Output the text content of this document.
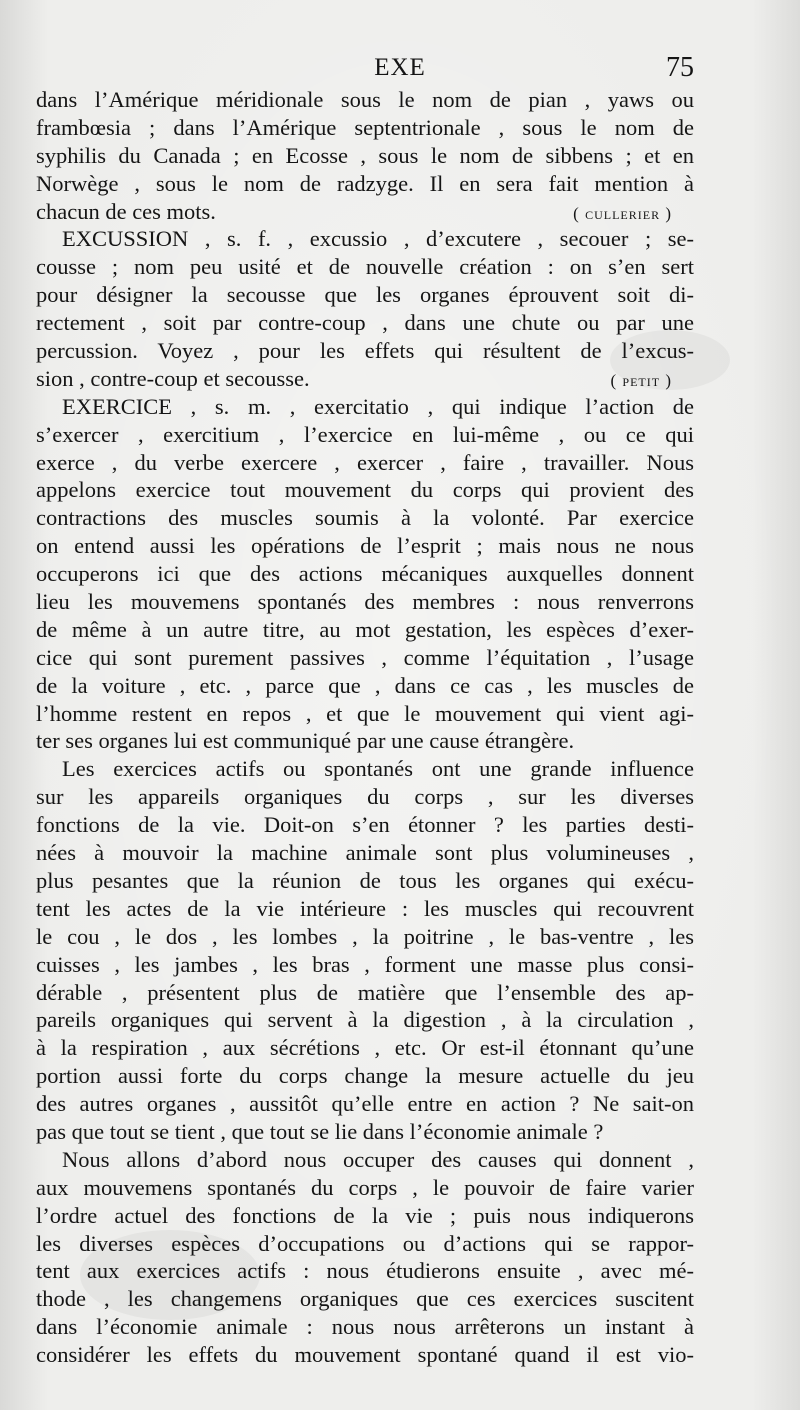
EXE	75
dans l’Amérique méridionale sous le nom de pian , yaws ou
frambœsia ; dans l’Amérique septentrionale , sous le nom de
syphilis du Canada ; en Ecosse , sous le nom de sibbens ; et en
Norwège , sous le nom de radzyge. Il en sera fait mention à
chacun de ces mots.	( cullerier )
EXCUSSION , s. f. , excussio , d’excutere , secouer ; se-
cousse ; nom peu usité et de nouvelle création : on s’en sert
pour désigner la secousse que les organes éprouvent soit di-
rectement , soit par contre-coup , dans une chute ou par une
percussion. Voyez , pour les effets qui résultent de l’excus-
sion , contre-coup et secousse.	( petit )
EXERCICE , s. m. , exercitatio , qui indique l’action de
s’exercer , exercitium , l’exercice en lui-même , ou ce qui
exerce , du verbe exercere , exercer , faire , travailler. Nous
appelons exercice tout mouvement du corps qui provient des
contractions des muscles soumis à la volonté. Par exercice
on entend aussi les opérations de l’esprit ; mais nous ne nous
occuperons ici que des actions mécaniques auxquelles donnent
lieu les mouvemens spontanés des membres : nous renverrons
de même à un autre titre, au mot gestation, les espèces d’exer-
cice qui sont purement passives , comme l’équitation , l’usage
de la voiture , etc. , parce que , dans ce cas , les muscles de
l’homme restent en repos , et que le mouvement qui vient agi-
ter ses organes lui est communiqué par une cause étrangère.
Les exercices actifs ou spontanés ont une grande influence
sur les appareils organiques du corps , sur les diverses
fonctions de la vie. Doit-on s’en étonner ? les parties desti-
nées à mouvoir la machine animale sont plus volumineuses ,
plus pesantes que la réunion de tous les organes qui exécu-
tent les actes de la vie intérieure : les muscles qui recouvrent
le cou , le dos , les lombes , la poitrine , le bas-ventre , les
cuisses , les jambes , les bras , forment une masse plus consi-
dérable , présentent plus de matière que l’ensemble des ap-
pareils organiques qui servent à la digestion , à la circulation ,
à la respiration , aux sécrétions , etc. Or est-il étonnant qu’une
portion aussi forte du corps change la mesure actuelle du jeu
des autres organes , aussitôt qu’elle entre en action ? Ne sait-on
pas que tout se tient , que tout se lie dans l’économie animale ?
Nous allons d’abord nous occuper des causes qui donnent ,
aux mouvemens spontanés du corps , le pouvoir de faire varier
l’ordre actuel des fonctions de la vie ; puis nous indiquerons
les diverses espèces d’occupations ou d’actions qui se rappor-
tent aux exercices actifs : nous étudierons ensuite , avec mé-
thode , les changemens organiques que ces exercices suscitent
dans l’économie animale : nous nous arrêterons un instant à
considérer les effets du mouvement spontané quand il est vio-
